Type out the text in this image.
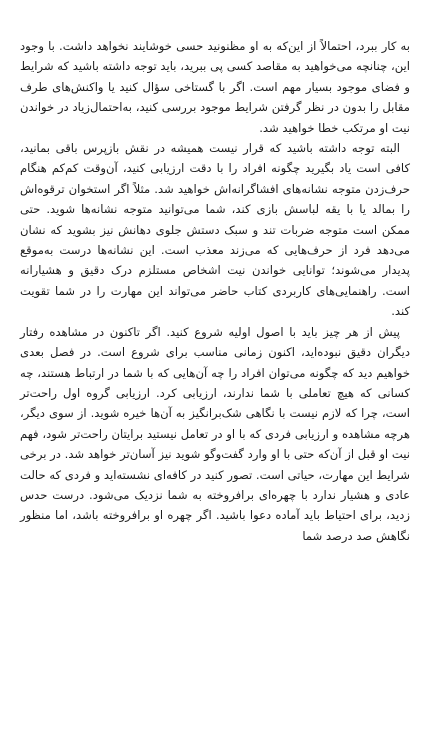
به کار ببرد، احتمالاً از این‌که به او مظنونید حسی خوشایند نخواهد داشت. با وجود این، چنانچه می‌خواهید به مقاصد کسی پی ببرید، باید توجه داشته باشید که شرایط و فضای موجود بسیار مهم است. اگر با گستاخی سؤال کنید یا واکنش‌های طرف مقابل را بدون در نظر گرفتن شرایط موجود بررسی کنید، به‌احتمال‌زیاد در خواندن نیت او مرتکب خطا خواهید شد.

البته توجه داشته باشید که قرار نیست همیشه در نقش بازپرس باقی بمانید، کافی است یاد بگیرید چگونه افراد را با دقت ارزیابی کنید، آن‌وقت کم‌کم هنگام حرف‌زدن متوجه نشانه‌های افشاگرانه‌اش خواهید شد. مثلاً اگر استخوان ترقوه‌اش را بمالد یا با یقه لباسش بازی کند، شما می‌توانید متوجه نشانه‌ها شوید. حتی ممکن است متوجه ضربات تند و سبک دستش جلوی دهانش نیز بشوید که نشان می‌دهد فرد از حرف‌هایی که می‌زند معذب است. این نشانه‌ها درست به‌موقع پدیدار می‌شوند؛ توانایی خواندن نیت اشخاص مستلزم درک دقیق و هشیارانه است. راهنمایی‌های کاربردی کتاب حاضر می‌تواند این مهارت را در شما تقویت کند.

پیش از هر چیز باید با اصول اولیه شروع کنید. اگر تاکنون در مشاهده رفتار دیگران دقیق نبوده‌اید، اکنون زمانی مناسب برای شروع است. در فصل بعدی خواهیم دید که چگونه می‌توان افراد را چه آن‌هایی که با شما در ارتباط هستند، چه کسانی که هیچ تعاملی با شما ندارند، ارزیابی کرد. ارزیابی گروه اول راحت‌تر است، چرا که لازم نیست با نگاهی شک‌برانگیز به آن‌ها خیره شوید. از سوی دیگر، هرچه مشاهده و ارزیابی فردی که با او در تعامل نیستید برایتان راحت‌تر شود، فهم نیت او قبل از آن‌که حتی با او وارد گفت‌وگو شوید نیز آسان‌تر خواهد شد. در برخی شرایط این مهارت، حیاتی است. تصور کنید در کافه‌ای نشسته‌اید و فردی که حالت عادی و هشیار ندارد با چهره‌ای برافروخته به شما نزدیک می‌شود. درست حدس زدید، برای احتیاط باید آماده دعوا باشید. اگر چهره او برافروخته باشد، اما منظور نگاهش صد درصد شما
